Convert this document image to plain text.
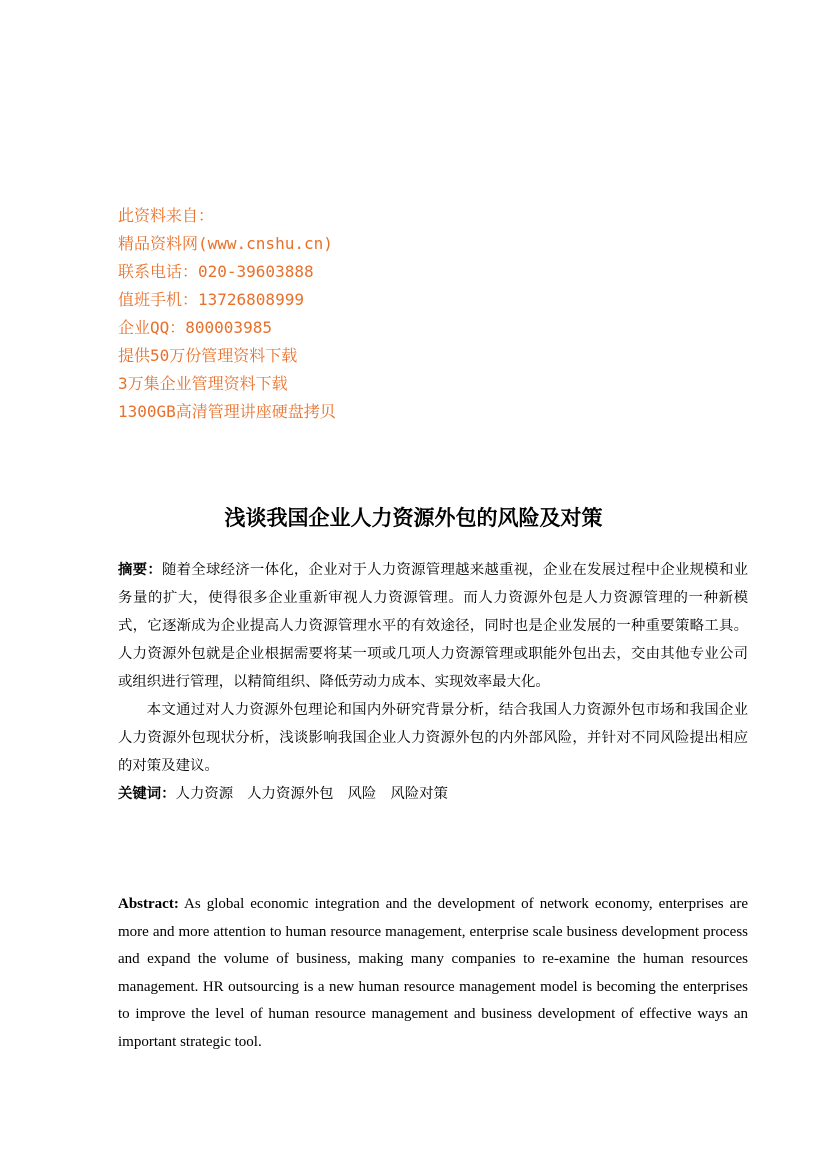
此资料来自：
精品资料网(www.cnshu.cn)
联系电话：020-39603888
值班手机：13726808999
企业QQ：800003985
提供50万份管理资料下载
3万集企业管理资料下载
1300GB高清管理讲座硬盘拷贝
浅谈我国企业人力资源外包的风险及对策

摘要：随着全球经济一体化，企业对于人力资源管理越来越重视，企业在发展过程中企业规模和业务量的扩大，使得很多企业重新审视人力资源管理。而人力资源外包是人力资源管理的一种新模式，它逐渐成为企业提高人力资源管理水平的有效途径，同时也是企业发展的一种重要策略工具。人力资源外包就是企业根据需要将某一项或几项人力资源管理或职能外包出去，交由其他专业公司或组织进行管理，以精简组织、降低劳动力成本、实现效率最大化。

本文通过对人力资源外包理论和国内外研究背景分析，结合我国人力资源外包市场和我国企业人力资源外包现状分析，浅谈影响我国企业人力资源外包的内外部风险，并针对不同风险提出相应的对策及建议。

关键词：人力资源 人力资源外包 风险 风险对策

Abstract: As global economic integration and the development of network economy, enterprises are more and more attention to human resource management, enterprise scale business development process and expand the volume of business, making many companies to re-examine the human resources management. HR outsourcing is a new human resource management model is becoming the enterprises to improve the level of human resource management and business development of effective ways an important strategic tool.
